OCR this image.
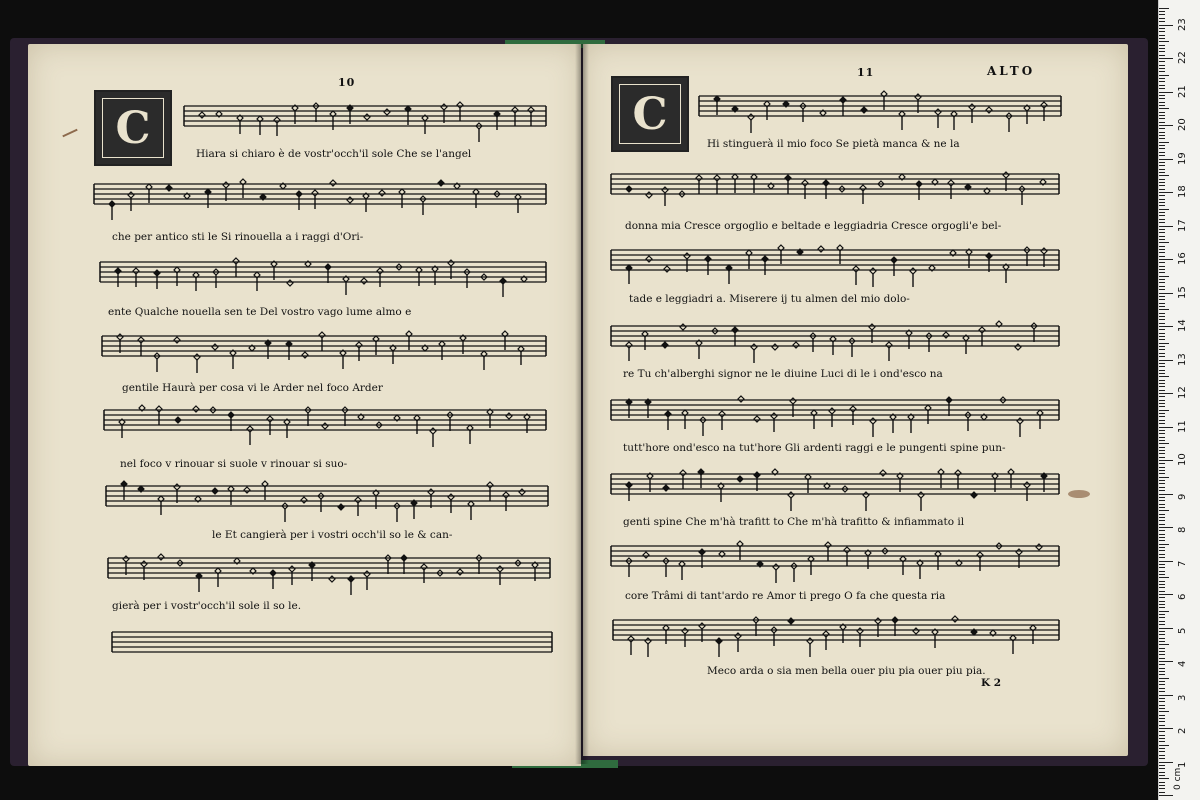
10
C
Hiara si chiaro è de vostr'occh'il sole Che se l'angel
che per antico sti le Si rinouella a i raggi d'Ori-
ente Qualche nouella sen te Del vostro vago lume almo e
gentile Haurà per cosa vi le Arder nel foco Arder
nel foco v rinouar si suole v rinouar si suo-
le Et cangierà per i vostri occh'il so le & can-
gierà per i vostr'occh'il sole il so le.
11	ALTO
C
Hi stinguerà il mio foco Se pietà manca & ne la
donna mia Cresce orgoglio e beltade e leggiadria Cresce orgogli'e bel-
tade e leggiadri a. Miserere ij tu almen del mio dolo-
re Tu ch'alberghi signor ne le diuine Luci di le i ond'esco na
tutt'hore ond'esco na tut'hore Gli ardenti raggi e le pungenti spine pun-
genti spine Che m'hà trafitt to Che m'hà trafitto & infiammato il
core Trâmi di tant'ardo re Amor ti prego O fa che questa ria
Meco arda o sia men bella ouer piu pia ouer piu pia.
K 2
1
2
3
4
5
6
7
8
9
10
11
12
13
14
15
16
17
18
19
20
21
22
23
0 cm
